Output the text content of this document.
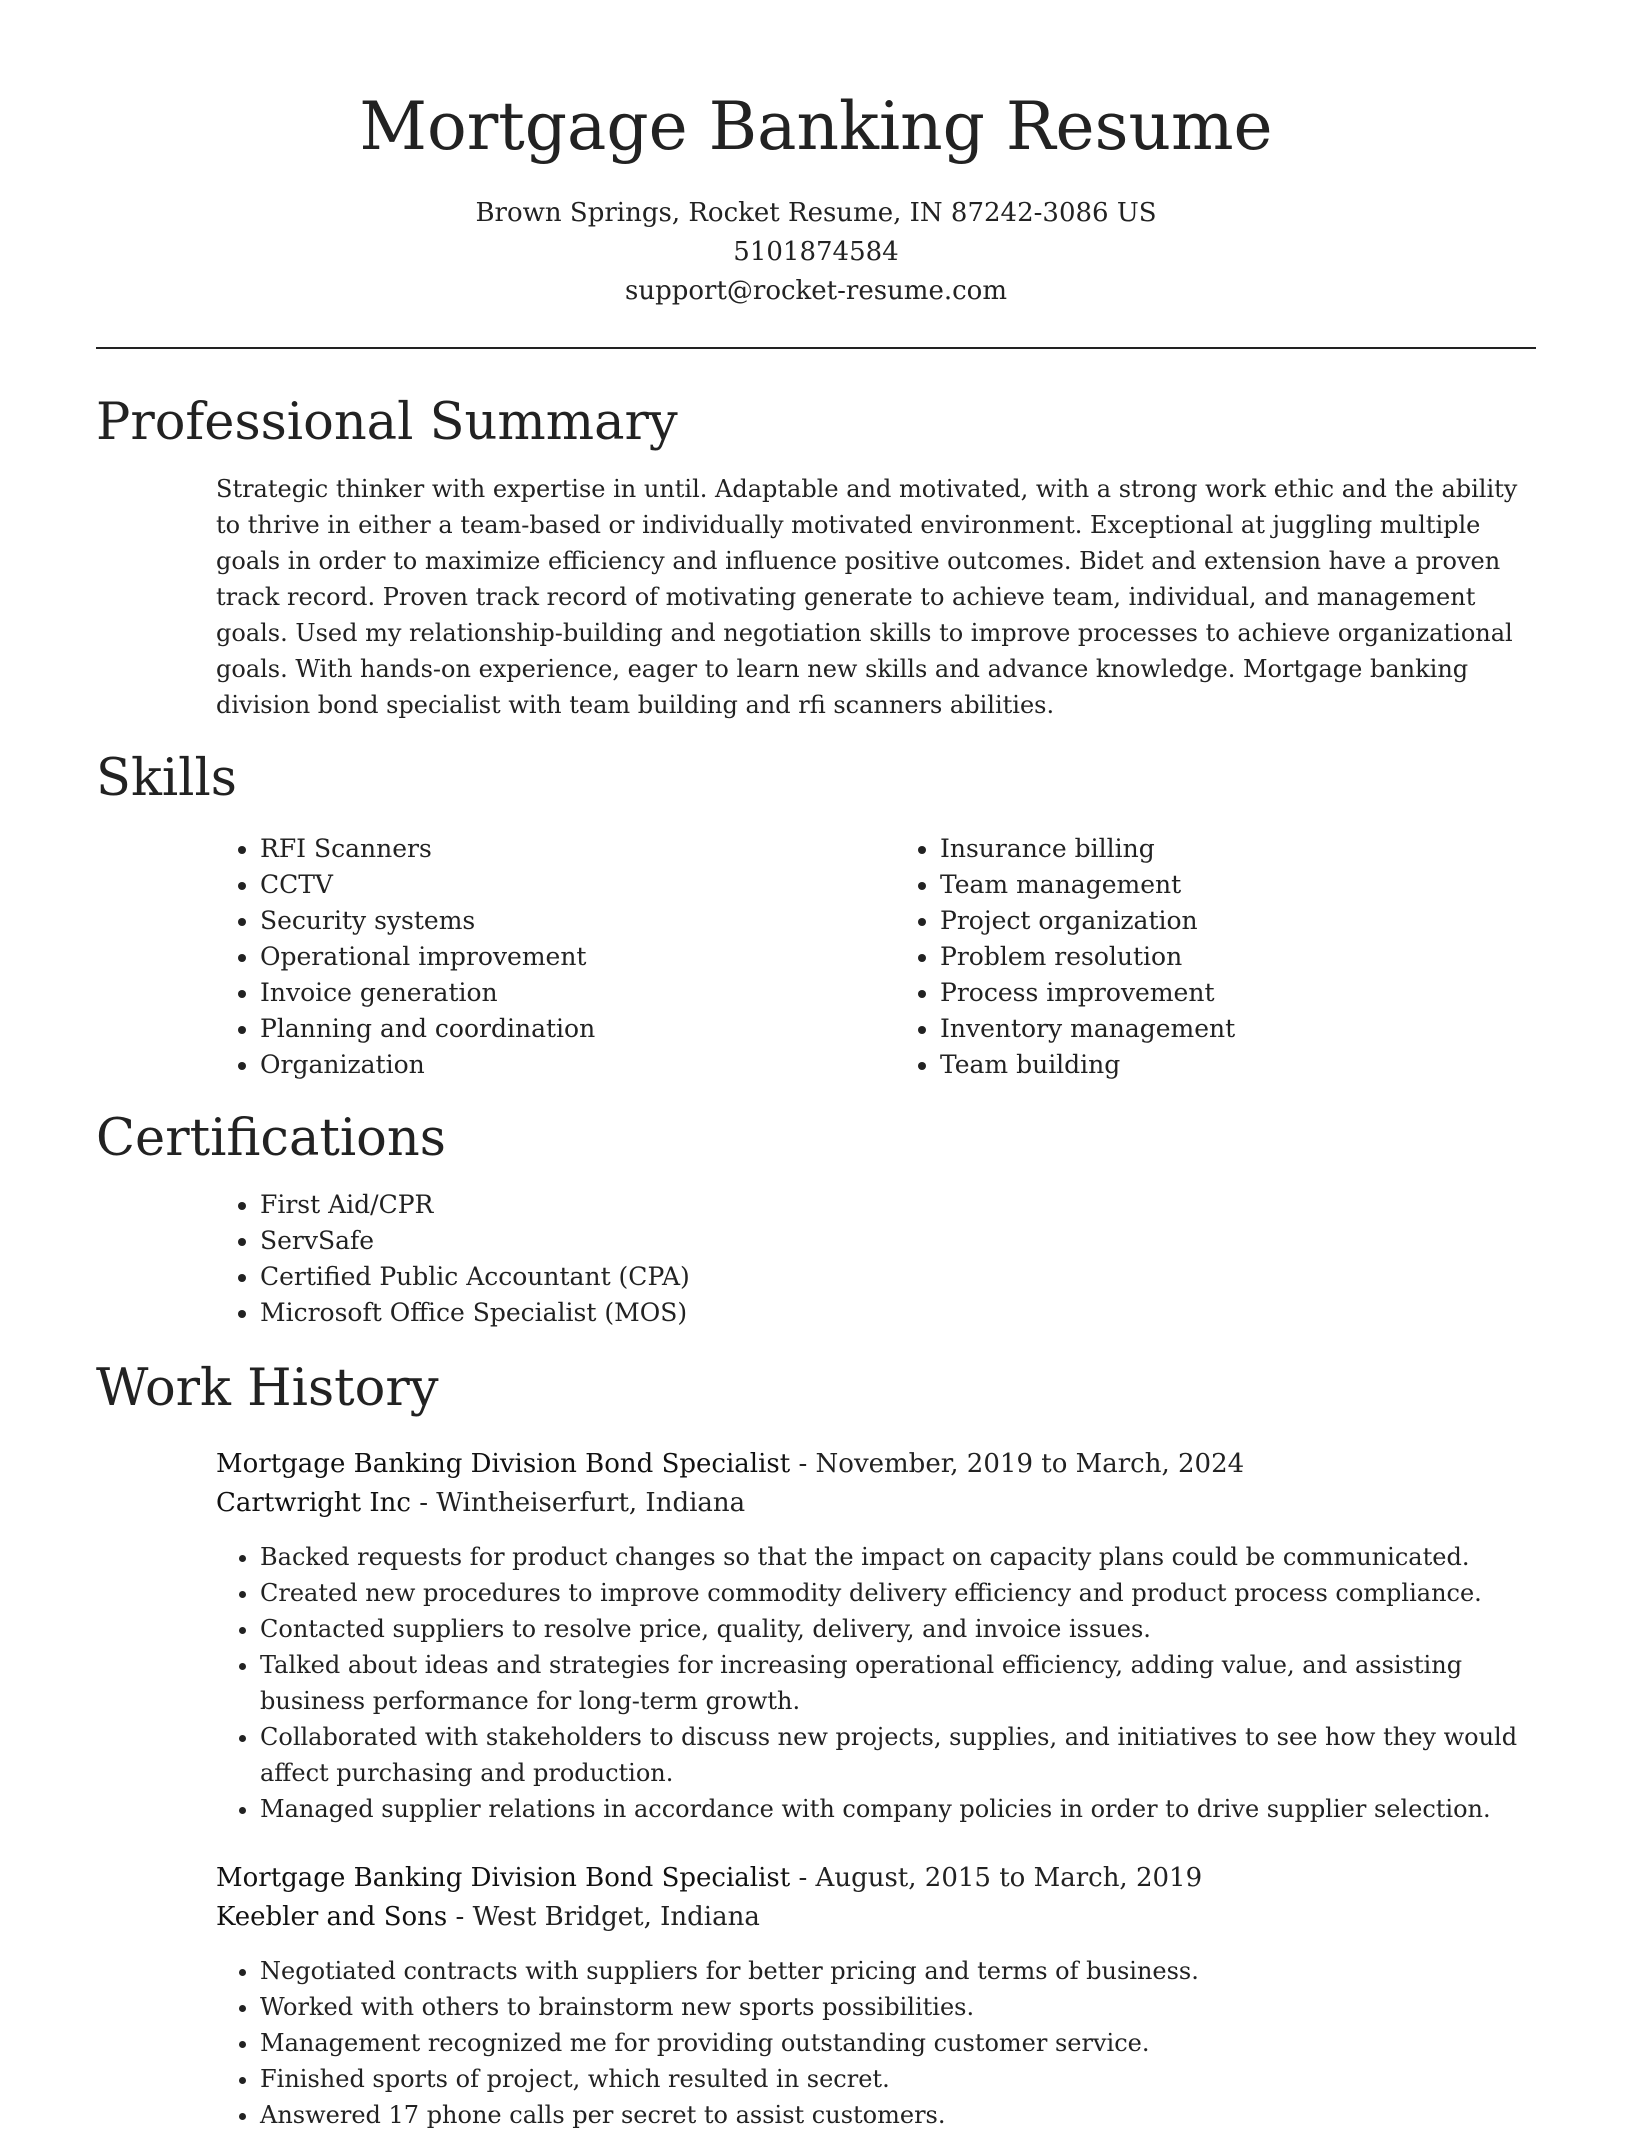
Mortgage Banking Resume
Brown Springs, Rocket Resume, IN 87242-3086 US
5101874584
support@rocket-resume.com
Professional Summary

Strategic thinker with expertise in until. Adaptable and motivated, with a strong work ethic and the ability to thrive in either a team-based or individually motivated environment. Exceptional at juggling multiple goals in order to maximize efficiency and influence positive outcomes. Bidet and extension have a proven track record. Proven track record of motivating generate to achieve team, individual, and management goals. Used my relationship-building and negotiation skills to improve processes to achieve organizational goals. With hands-on experience, eager to learn new skills and advance knowledge. Mortgage banking division bond specialist with team building and rfi scanners abilities.

Skills
• RFI Scanners
• CCTV
• Security systems
• Operational improvement
• Invoice generation
• Planning and coordination
• Organization
• Insurance billing
• Team management
• Project organization
• Problem resolution
• Process improvement
• Inventory management
• Team building
Certifications
• First Aid/CPR
• ServSafe
• Certified Public Accountant (CPA)
• Microsoft Office Specialist (MOS)
Work History
Mortgage Banking Division Bond Specialist - November, 2019 to March, 2024
Cartwright Inc - Wintheiserfurt, Indiana
• Backed requests for product changes so that the impact on capacity plans could be communicated.
• Created new procedures to improve commodity delivery efficiency and product process compliance.
• Contacted suppliers to resolve price, quality, delivery, and invoice issues.
• Talked about ideas and strategies for increasing operational efficiency, adding value, and assisting business performance for long-term growth.
• Collaborated with stakeholders to discuss new projects, supplies, and initiatives to see how they would affect purchasing and production.
• Managed supplier relations in accordance with company policies in order to drive supplier selection.
Mortgage Banking Division Bond Specialist - August, 2015 to March, 2019
Keebler and Sons - West Bridget, Indiana
• Negotiated contracts with suppliers for better pricing and terms of business.
• Worked with others to brainstorm new sports possibilities.
• Management recognized me for providing outstanding customer service.
• Finished sports of project, which resulted in secret.
• Answered 17 phone calls per secret to assist customers.
